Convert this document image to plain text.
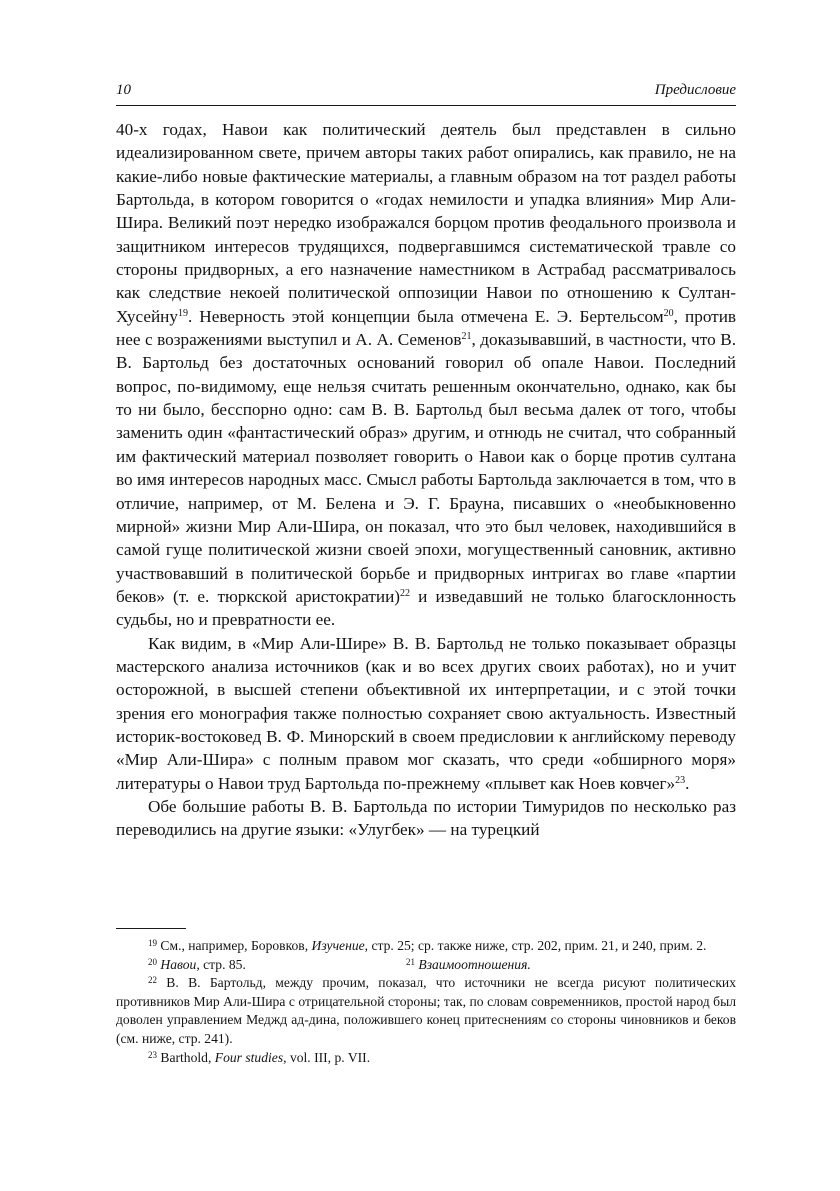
10	Предисловие

40-х годах, Навои как политический деятель был представлен в сильно идеализированном свете, причем авторы таких работ опирались, как правило, не на какие-либо новые фактические материалы, а главным образом на тот раздел работы Бартольда, в котором говорится о «годах немилости и упадка влияния» Мир Али-Шира. Великий поэт нередко изображался борцом против феодального произвола и защитником интересов трудящихся, подвергавшимся систематической травле со стороны придворных, а его назначение наместником в Астрабад рассматривалось как следствие некоей политической оппозиции Навои по отношению к Султан-Хусейну$^{19}$. Неверность этой концепции была отмечена Е. Э. Бертельсом$^{20}$, против нее с возражениями выступил и А. А. Семенов$^{21}$, доказывавший, в частности, что В. В. Бартольд без достаточных оснований говорил об опале Навои. Последний вопрос, по-видимому, еще нельзя считать решенным окончательно, однако, как бы то ни было, бесспорно одно: сам В. В. Бартольд был весьма далек от того, чтобы заменить один «фантастический образ» другим, и отнюдь не считал, что собранный им фактический материал позволяет говорить о Навои как о борце против султана во имя интересов народных масс. Смысл работы Бартольда заключается в том, что в отличие, например, от М. Белена и Э. Г. Брауна, писавших о «необыкновенно мирной» жизни Мир Али-Шира, он показал, что это был человек, находившийся в самой гуще политической жизни своей эпохи, могущественный сановник, активно участвовавший в политической борьбе и придворных интригах во главе «партии беков» (т. е. тюркской аристократии)$^{22}$ и изведавший не только благосклонность судьбы, но и превратности ее.

Как видим, в «Мир Али-Шире» В. В. Бартольд не только показывает образцы мастерского анализа источников (как и во всех других своих работах), но и учит осторожной, в высшей степени объективной их интерпретации, и с этой точки зрения его монография также полностью сохраняет свою актуальность. Известный историк-востоковед В. Ф. Минорский в своем предисловии к английскому переводу «Мир Али-Шира» с полным правом мог сказать, что среди «обширного моря» литературы о Навои труд Бартольда по-прежнему «плывет как Ноев ковчег»$^{23}$.

Обе большие работы В. В. Бартольда по истории Тимуридов по несколько раз переводились на другие языки: «Улугбек» — на турецкий

$^{19}$ См., например, Боровков, Изучение, стр. 25; ср. также ниже, стр. 202, прим. 21, и 240, прим. 2.

$^{20}$ Навои, стр. 85.	$^{21}$ Взаимоотношения.

$^{22}$ В. В. Бартольд, между прочим, показал, что источники не всегда рисуют политических противников Мир Али-Шира с отрицательной стороны; так, по словам современников, простой народ был доволен управлением Меджд ад-дина, положившего конец притеснениям со стороны чиновников и беков (см. ниже, стр. 241).

$^{23}$ Barthold, Four studies, vol. III, p. VII.
